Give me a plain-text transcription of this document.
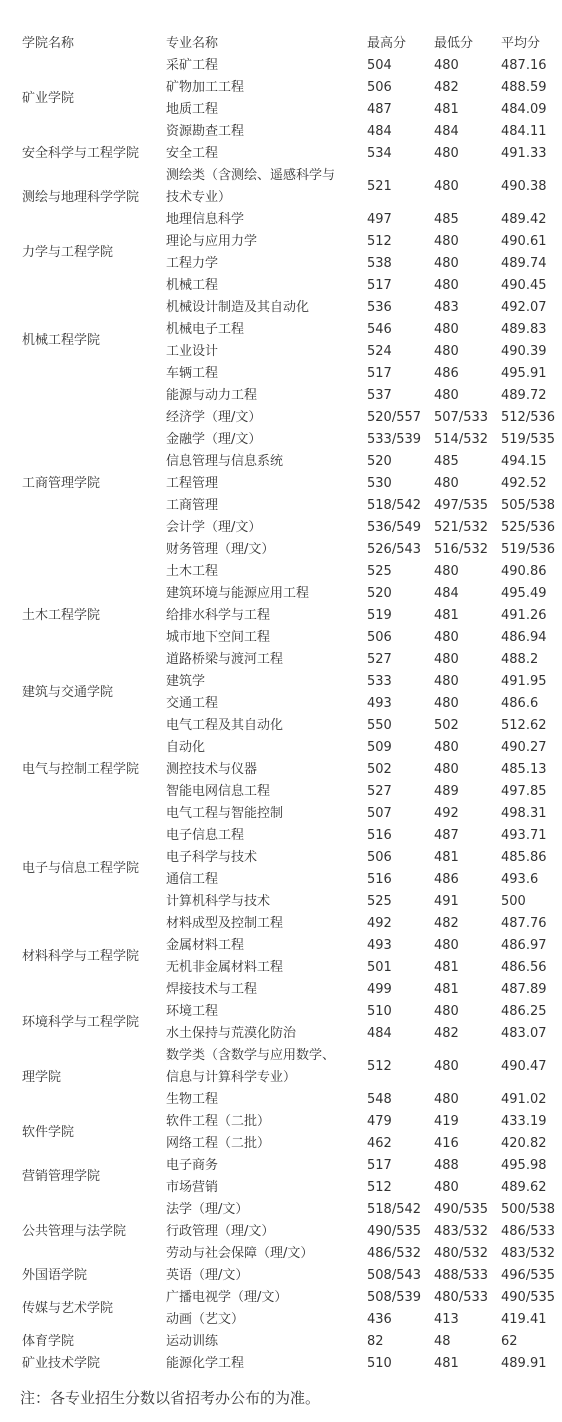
学院名称	专业名称	最高分	最低分	平均分
矿业学院	采矿工程	504	480	487.16
	矿物加工工程	506	482	488.59
	地质工程	487	481	484.09
	资源勘查工程	484	484	484.11
安全科学与工程学院	安全工程	534	480	491.33
测绘与地理科学学院	测绘类（含测绘、遥感科学与技术专业）	521	480	490.38
	地理信息科学	497	485	489.42
力学与工程学院	理论与应用力学	512	480	490.61
	工程力学	538	480	489.74
机械工程学院	机械工程	517	480	490.45
	机械设计制造及其自动化	536	483	492.07
	机械电子工程	546	480	489.83
	工业设计	524	480	490.39
	车辆工程	517	486	495.91
	能源与动力工程	537	480	489.72
工商管理学院	经济学（理/文）	520/557	507/533	512/536
	金融学（理/文）	533/539	514/532	519/535
	信息管理与信息系统	520	485	494.15
	工程管理	530	480	492.52
	工商管理	518/542	497/535	505/538
	会计学（理/文）	536/549	521/532	525/536
	财务管理（理/文）	526/543	516/532	519/536
土木工程学院	土木工程	525	480	490.86
	建筑环境与能源应用工程	520	484	495.49
	给排水科学与工程	519	481	491.26
	城市地下空间工程	506	480	486.94
	道路桥梁与渡河工程	527	480	488.2
建筑与交通学院	建筑学	533	480	491.95
	交通工程	493	480	486.6
电气与控制工程学院	电气工程及其自动化	550	502	512.62
	自动化	509	480	490.27
	测控技术与仪器	502	480	485.13
	智能电网信息工程	527	489	497.85
	电气工程与智能控制	507	492	498.31
电子与信息工程学院	电子信息工程	516	487	493.71
	电子科学与技术	506	481	485.86
	通信工程	516	486	493.6
	计算机科学与技术	525	491	500
材料科学与工程学院	材料成型及控制工程	492	482	487.76
	金属材料工程	493	480	486.97
	无机非金属材料工程	501	481	486.56
	焊接技术与工程	499	481	487.89
环境科学与工程学院	环境工程	510	480	486.25
	水土保持与荒漠化防治	484	482	483.07
理学院	数学类（含数学与应用数学、信息与计算科学专业）	512	480	490.47
	生物工程	548	480	491.02
软件学院	软件工程（二批）	479	419	433.19
	网络工程（二批）	462	416	420.82
营销管理学院	电子商务	517	488	495.98
	市场营销	512	480	489.62
公共管理与法学院	法学（理/文）	518/542	490/535	500/538
	行政管理（理/文）	490/535	483/532	486/533
	劳动与社会保障（理/文）	486/532	480/532	483/532
外国语学院	英语（理/文）	508/543	488/533	496/535
传媒与艺术学院	广播电视学（理/文）	508/539	480/533	490/535
	动画（艺文）	436	413	419.41
体育学院	运动训练	82	48	62
矿业技术学院	能源化学工程	510	481	489.91
注：各专业招生分数以省招考办公布的为准。
